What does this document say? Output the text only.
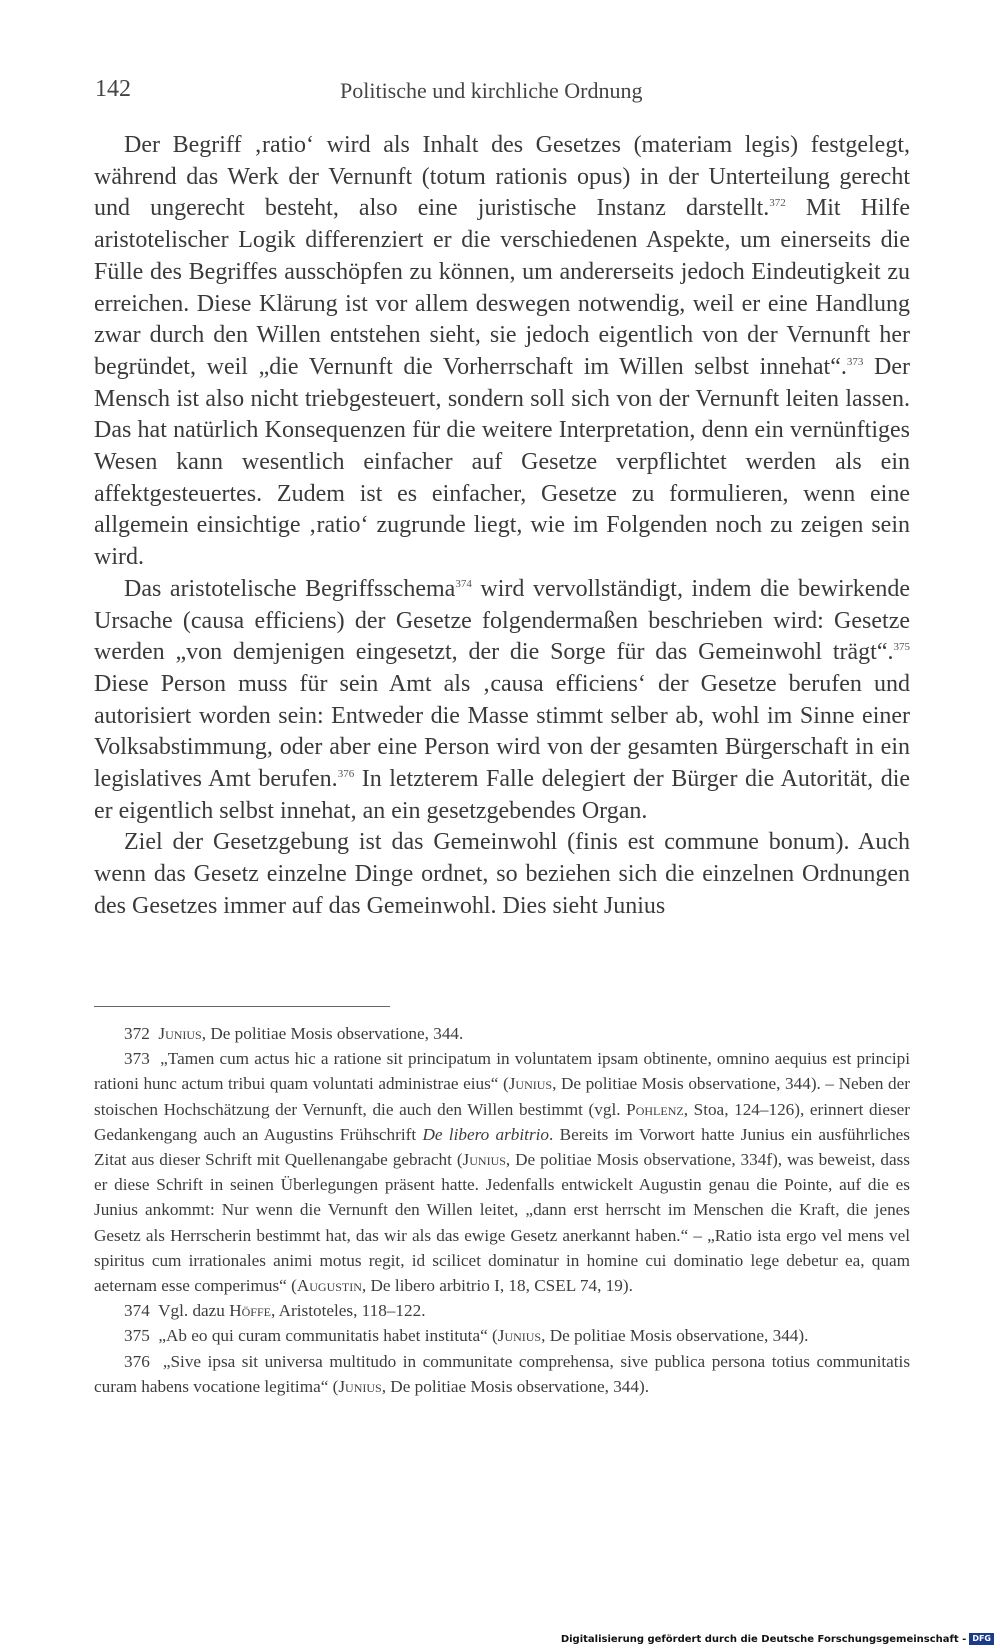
142	Politische und kirchliche Ordnung

Der Begriff ‚ratio‘ wird als Inhalt des Gesetzes (materiam legis) festgelegt, während das Werk der Vernunft (totum rationis opus) in der Unterteilung gerecht und ungerecht besteht, also eine juristische Instanz darstellt.$^{372}$ Mit Hilfe aristotelischer Logik differenziert er die verschiedenen Aspekte, um einerseits die Fülle des Begriffes ausschöpfen zu können, um andererseits jedoch Eindeutigkeit zu erreichen. Diese Klärung ist vor allem deswegen notwendig, weil er eine Handlung zwar durch den Willen entstehen sieht, sie jedoch eigentlich von der Vernunft her begründet, weil „die Vernunft die Vorherrschaft im Willen selbst innehat“.$^{373}$ Der Mensch ist also nicht triebgesteuert, sondern soll sich von der Vernunft leiten lassen. Das hat natürlich Konsequenzen für die weitere Interpretation, denn ein vernünftiges Wesen kann wesentlich einfacher auf Gesetze verpflichtet werden als ein affektgesteuertes. Zudem ist es einfacher, Gesetze zu formulieren, wenn eine allgemein einsichtige ‚ratio‘ zugrunde liegt, wie im Folgenden noch zu zeigen sein wird.

Das aristotelische Begriffsschema$^{374}$ wird vervollständigt, indem die bewirkende Ursache (causa efficiens) der Gesetze folgendermaßen beschrieben wird: Gesetze werden „von demjenigen eingesetzt, der die Sorge für das Gemeinwohl trägt“.$^{375}$ Diese Person muss für sein Amt als ‚causa efficiens‘ der Gesetze berufen und autorisiert worden sein: Entweder die Masse stimmt selber ab, wohl im Sinne einer Volksabstimmung, oder aber eine Person wird von der gesamten Bürgerschaft in ein legislatives Amt berufen.$^{376}$ In letzterem Falle delegiert der Bürger die Autorität, die er eigentlich selbst innehat, an ein gesetzgebendes Organ.

Ziel der Gesetzgebung ist das Gemeinwohl (finis est commune bonum). Auch wenn das Gesetz einzelne Dinge ordnet, so beziehen sich die einzelnen Ordnungen des Gesetzes immer auf das Gemeinwohl. Dies sieht Junius

372 Junius, De politiae Mosis observatione, 344.

373 „Tamen cum actus hic a ratione sit principatum in voluntatem ipsam obtinente, omnino aequius est principi rationi hunc actum tribui quam voluntati administrae eius“ (Junius, De politiae Mosis observatione, 344). – Neben der stoischen Hochschätzung der Vernunft, die auch den Willen bestimmt (vgl. Pohlenz, Stoa, 124–126), erinnert dieser Gedankengang auch an Augustins Frühschrift De libero arbitrio. Bereits im Vorwort hatte Junius ein ausführliches Zitat aus dieser Schrift mit Quellenangabe gebracht (Junius, De politiae Mosis observatione, 334f), was beweist, dass er diese Schrift in seinen Überlegungen präsent hatte. Jedenfalls entwickelt Augustin genau die Pointe, auf die es Junius ankommt: Nur wenn die Vernunft den Willen leitet, „dann erst herrscht im Menschen die Kraft, die jenes Gesetz als Herrscherin bestimmt hat, das wir als das ewige Gesetz anerkannt haben.“ – „Ratio ista ergo vel mens vel spiritus cum irrationales animi motus regit, id scilicet dominatur in homine cui dominatio lege debetur ea, quam aeternam esse comperimus“ (Augustin, De libero arbitrio I, 18, CSEL 74, 19).

374 Vgl. dazu Höffe, Aristoteles, 118–122.

375 „Ab eo qui curam communitatis habet instituta“ (Junius, De politiae Mosis observatione, 344).

376 „Sive ipsa sit universa multitudo in communitate comprehensa, sive publica persona totius communitatis curam habens vocatione legitima“ (Junius, De politiae Mosis observatione, 344).

Digitalisierung gefördert durch die Deutsche Forschungsgemeinschaft - DFG
